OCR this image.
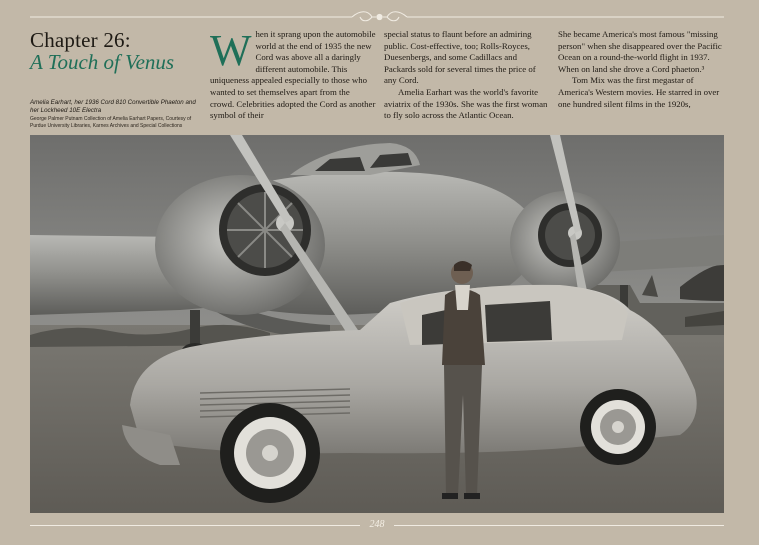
Chapter 26:
A Touch of Venus
Amelia Earhart, her 1936 Cord 810 Convertible Phaeton and her Lockheed 10E Electra
George Palmer Putnam Collection of Amelia Earhart Papers, Courtesy of Purdue University Libraries, Karnes Archives and Special Collections

W hen it sprang upon the automobile world at the end of 1935 the new Cord was above all a daringly different automobile. This uniqueness appealed especially to those who wanted to set themselves apart from the crowd. Celebrities adopted the Cord as another symbol of their

special status to flaunt before an admiring public. Cost-effective, too; Rolls-Royces, Duesenbergs, and some Cadillacs and Packards sold for several times the price of any Cord.

Amelia Earhart was the world's favorite aviatrix of the 1930s. She was the first woman to fly solo across the Atlantic Ocean.

She became America's most famous "missing person" when she disappeared over the Pacific Ocean on a round-the-world flight in 1937. When on land she drove a Cord phaeton.³

Tom Mix was the first megastar of America's Western movies. He starred in over one hundred silent films in the 1920s,

248
